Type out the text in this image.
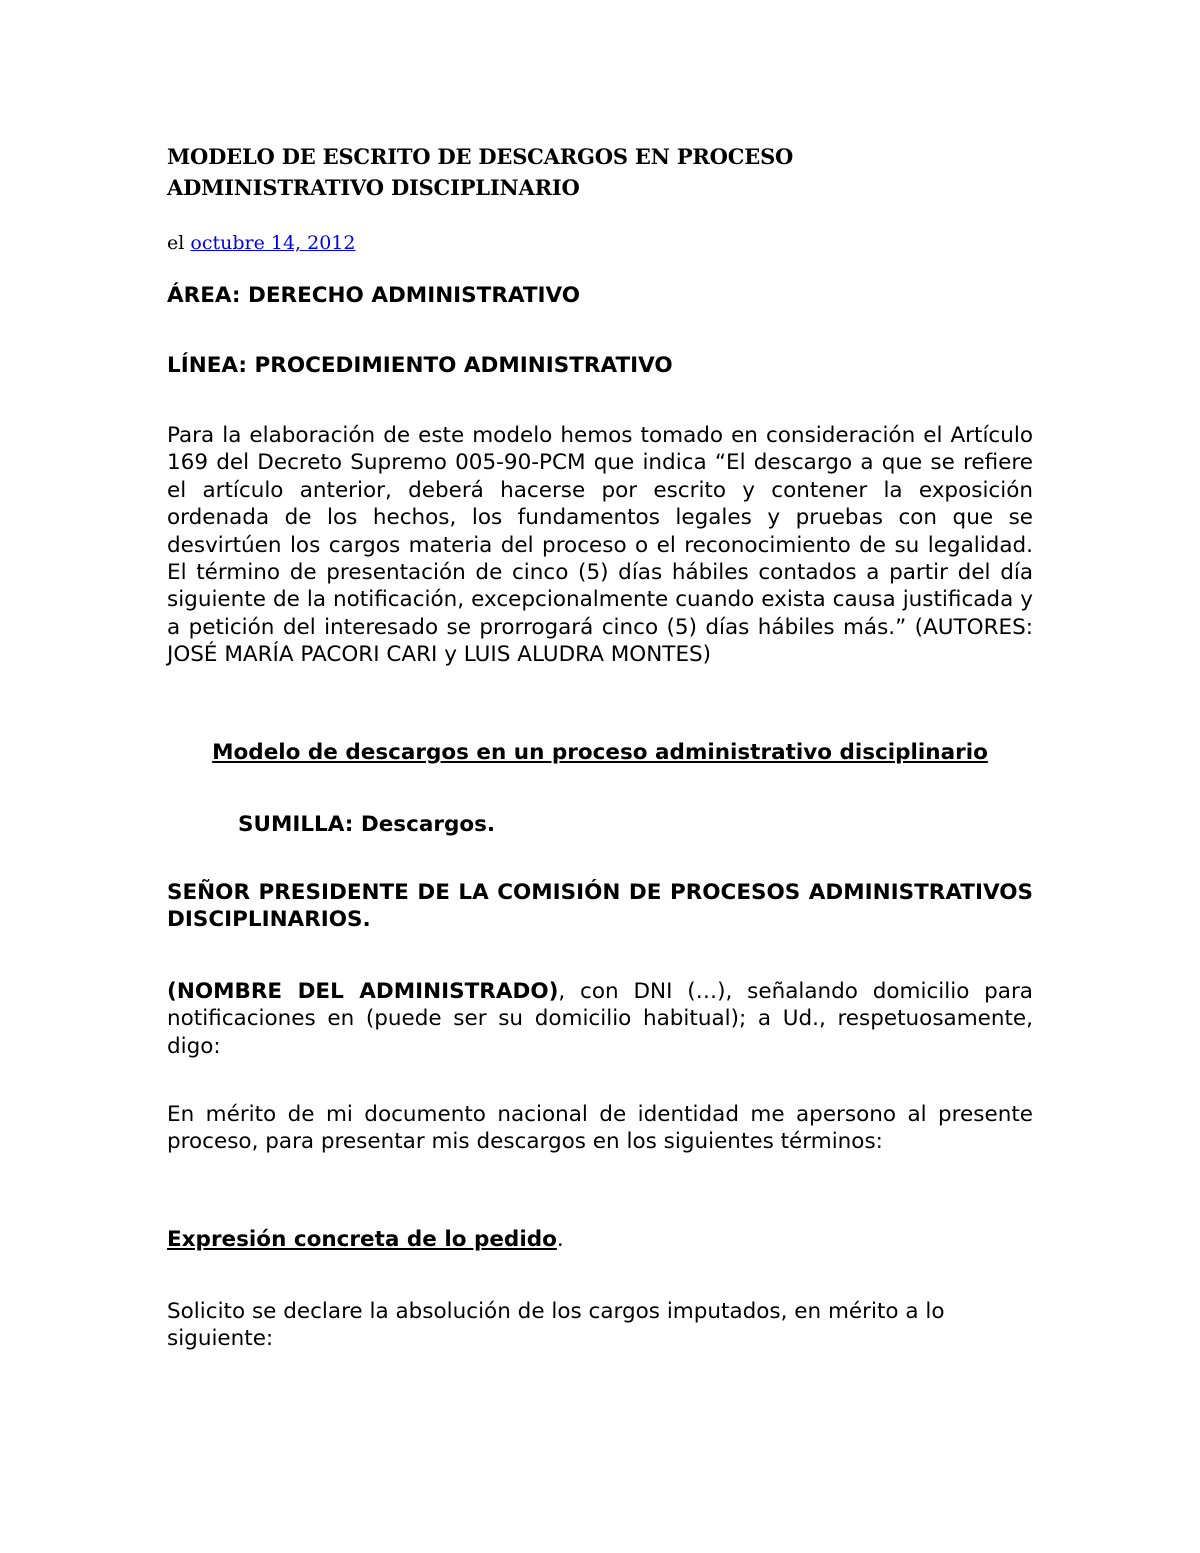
MODELO DE ESCRITO DE DESCARGOS EN PROCESO

ADMINISTRATIVO DISCIPLINARIO

el octubre 14, 2012

ÁREA: DERECHO ADMINISTRATIVO

LÍNEA: PROCEDIMIENTO ADMINISTRATIVO

Para la elaboración de este modelo hemos tomado en consideración el Artículo 169 del Decreto Supremo 005-90-PCM que indica “El descargo a que se refiere el artículo anterior, deberá hacerse por escrito y contener la exposición ordenada de los hechos, los fundamentos legales y pruebas con que se desvirtúen los cargos materia del proceso o el reconocimiento de su legalidad. El término de presentación de cinco (5) días hábiles contados a partir del día siguiente de la notificación, excepcionalmente cuando exista causa justificada y a petición del interesado se prorrogará cinco (5) días hábiles más.” (AUTORES: JOSÉ MARÍA PACORI CARI y LUIS ALUDRA MONTES)

Modelo de descargos en un proceso administrativo disciplinario

SUMILLA: Descargos.

SEÑOR PRESIDENTE DE LA COMISIÓN DE PROCESOS ADMINISTRATIVOS DISCIPLINARIOS.

(NOMBRE DEL ADMINISTRADO), con DNI (…), señalando domicilio para notificaciones en (puede ser su domicilio habitual); a Ud., respetuosamente, digo:

En mérito de mi documento nacional de identidad me apersono al presente proceso, para presentar mis descargos en los siguientes términos:

Expresión concreta de lo pedido.

Solicito se declare la absolución de los cargos imputados, en mérito a lo siguiente:
